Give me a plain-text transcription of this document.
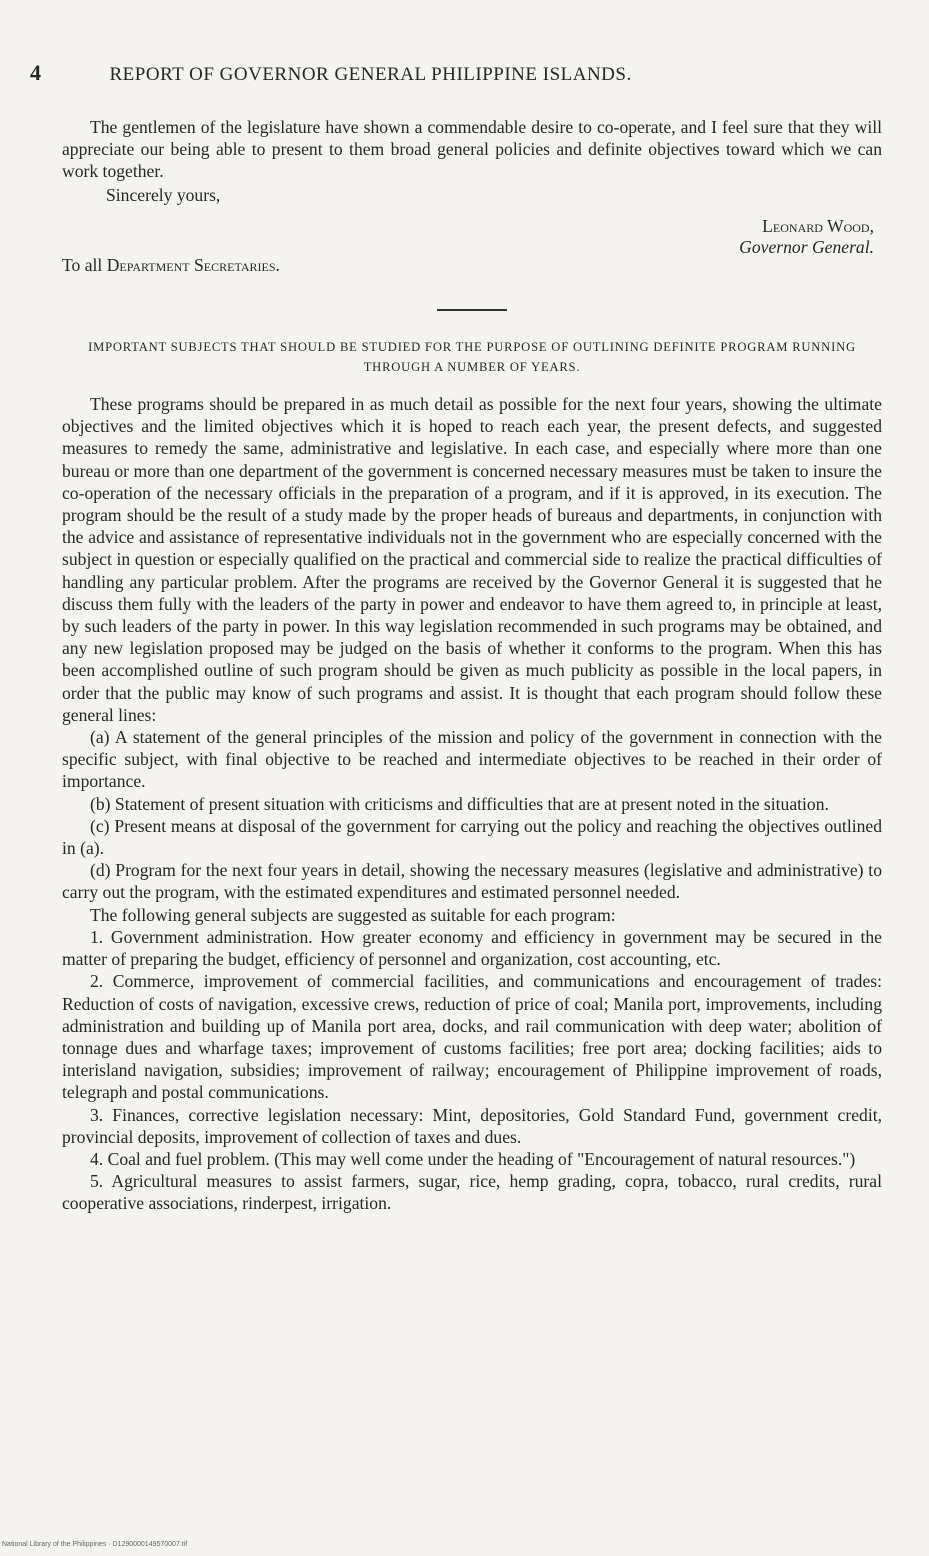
4	REPORT OF GOVERNOR GENERAL PHILIPPINE ISLANDS.

The gentlemen of the legislature have shown a commendable desire to co-operate, and I feel sure that they will appreciate our being able to present to them broad general policies and definite objectives toward which we can work together.

Sincerely yours,

Leonard Wood,
Governor General.

To all Department Secretaries.

IMPORTANT SUBJECTS THAT SHOULD BE STUDIED FOR THE PURPOSE OF OUTLINING DEFINITE PROGRAM RUNNING THROUGH A NUMBER OF YEARS.

These programs should be prepared in as much detail as possible for the next four years, showing the ultimate objectives and the limited objectives which it is hoped to reach each year, the present defects, and suggested measures to remedy the same, administrative and legislative. In each case, and especially where more than one bureau or more than one department of the government is concerned necessary measures must be taken to insure the co-operation of the necessary officials in the preparation of a program, and if it is approved, in its execution. The program should be the result of a study made by the proper heads of bureaus and departments, in conjunction with the advice and assistance of representative individuals not in the government who are especially concerned with the subject in question or especially qualified on the practical and commercial side to realize the practical difficulties of handling any particular problem. After the programs are received by the Governor General it is suggested that he discuss them fully with the leaders of the party in power and endeavor to have them agreed to, in principle at least, by such leaders of the party in power. In this way legislation recommended in such programs may be obtained, and any new legislation proposed may be judged on the basis of whether it conforms to the program. When this has been accomplished outline of such program should be given as much publicity as possible in the local papers, in order that the public may know of such programs and assist. It is thought that each program should follow these general lines:

(a) A statement of the general principles of the mission and policy of the government in connection with the specific subject, with final objective to be reached and intermediate objectives to be reached in their order of importance.

(b) Statement of present situation with criticisms and difficulties that are at present noted in the situation.

(c) Present means at disposal of the government for carrying out the policy and reaching the objectives outlined in (a).

(d) Program for the next four years in detail, showing the necessary measures (legislative and administrative) to carry out the program, with the estimated expenditures and estimated personnel needed.

The following general subjects are suggested as suitable for each program:

1. Government administration. How greater economy and efficiency in government may be secured in the matter of preparing the budget, efficiency of personnel and organization, cost accounting, etc.

2. Commerce, improvement of commercial facilities, and communications and encouragement of trades: Reduction of costs of navigation, excessive crews, reduction of price of coal; Manila port, improvements, including administration and building up of Manila port area, docks, and rail communication with deep water; abolition of tonnage dues and wharfage taxes; improvement of customs facilities; free port area; docking facilities; aids to interisland navigation, subsidies; improvement of railway; encouragement of Philippine improvement of roads, telegraph and postal communications.

3. Finances, corrective legislation necessary: Mint, depositories, Gold Standard Fund, government credit, provincial deposits, improvement of collection of taxes and dues.

4. Coal and fuel problem. (This may well come under the heading of "Encouragement of natural resources.")

5. Agricultural measures to assist farmers, sugar, rice, hemp grading, copra, tobacco, rural credits, rural cooperative associations, rinderpest, irrigation.

National Library of the Philippines · D1290000149570007.tif
